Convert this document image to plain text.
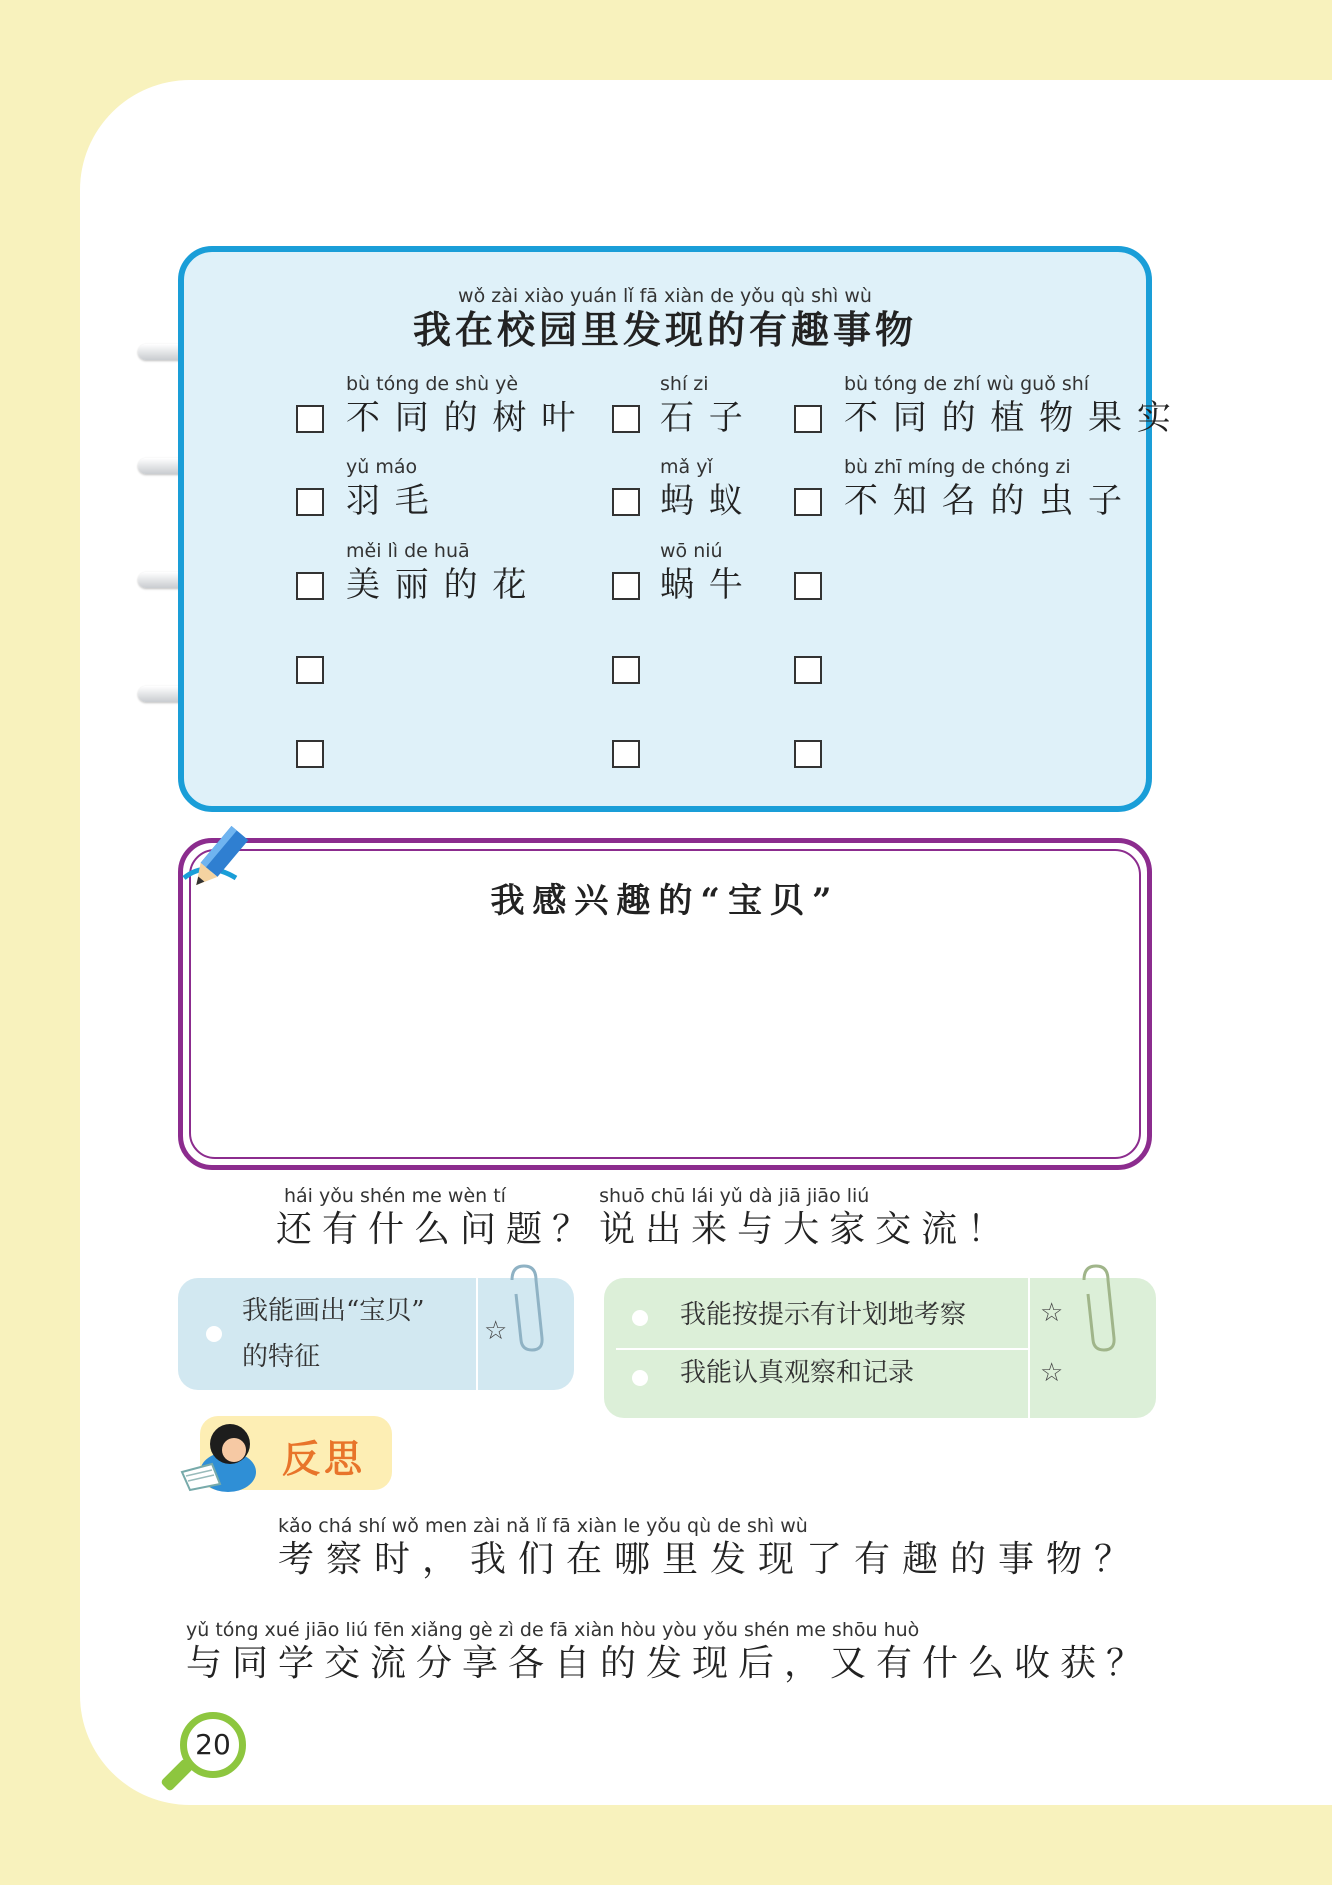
wǒ zài xiào yuán lǐ fā xiàn de yǒu qù shì wù
我在校园里发现的有趣事物
bù tóng de shù yè
不 同 的 树 叶
shí zi
石 子
bù tóng de zhí wù guǒ shí
不 同 的 植 物 果 实
yǔ máo
羽 毛
mǎ yǐ
蚂 蚁
bù zhī míng de chóng zi
不 知 名 的 虫 子
měi lì de huā
美 丽 的 花
wō niú
蜗 牛
我感兴趣的“宝贝”
hái yǒu shén me wèn tí
还有什么问题？

shuō chū lái yǔ dà jiā jiāo liú
说出来与大家交流！
我能画出“宝贝”
的特征
☆
我能按提示有计划地考察	☆
我能认真观察和记录	☆
反思
kǎo chá shí wǒ men zài nǎ lǐ fā xiàn le yǒu qù de shì wù
考察时，我们在哪里发现了有趣的事物？
yǔ tóng xué jiāo liú fēn xiǎng gè zì de fā xiàn hòu yòu yǒu shén me shōu huò
与同学交流分享各自的发现后，又有什么收获？
20
